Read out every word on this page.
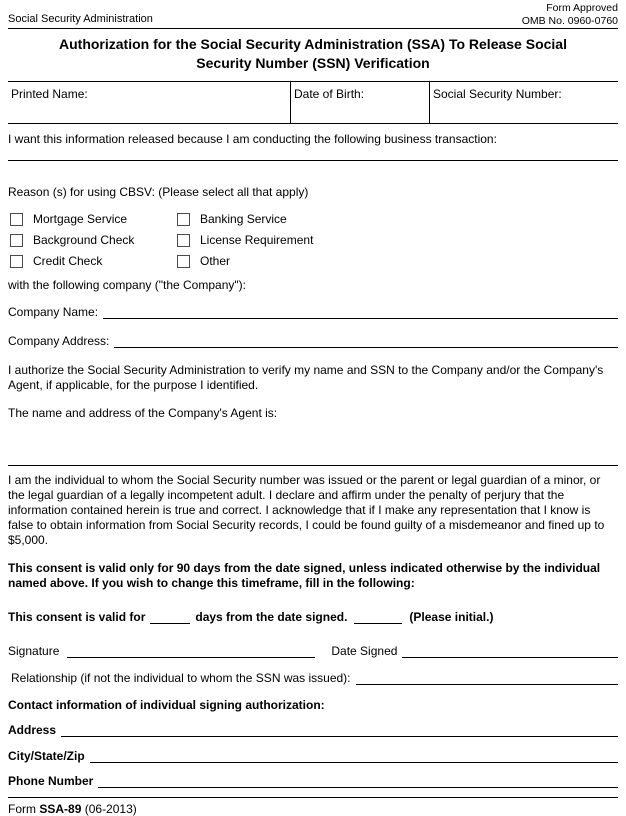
Social Security Administration
Form Approved
OMB No. 0960-0760
Authorization for the Social Security Administration (SSA) To Release Social Security Number (SSN) Verification
Printed Name:	Date of Birth:	Social Security Number:
I want this information released because I am conducting the following business transaction:
Reason (s) for using CBSV: (Please select all that apply)
Mortgage Service	Banking Service
Background Check	License Requirement
Credit Check	Other
with the following company ("the Company"):
Company Name:
Company Address:
I authorize the Social Security Administration to verify my name and SSN to the Company and/or the Company's Agent, if applicable, for the purpose I identified.
The name and address of the Company's Agent is:
I am the individual to whom the Social Security number was issued or the parent or legal guardian of a minor, or the legal guardian of a legally incompetent adult. I declare and affirm under the penalty of perjury that the information contained herein is true and correct. I acknowledge that if I make any representation that I know is false to obtain information from Social Security records, I could be found guilty of a misdemeanor and fined up to $5,000.
This consent is valid only for 90 days from the date signed, unless indicated otherwise by the individual named above. If you wish to change this timeframe, fill in the following:
This consent is valid for	days from the date signed.	(Please initial.)
Signature	Date Signed
Relationship (if not the individual to whom the SSN was issued):
Contact information of individual signing authorization:
Address
City/State/Zip
Phone Number
Form SSA-89 (06-2013)
